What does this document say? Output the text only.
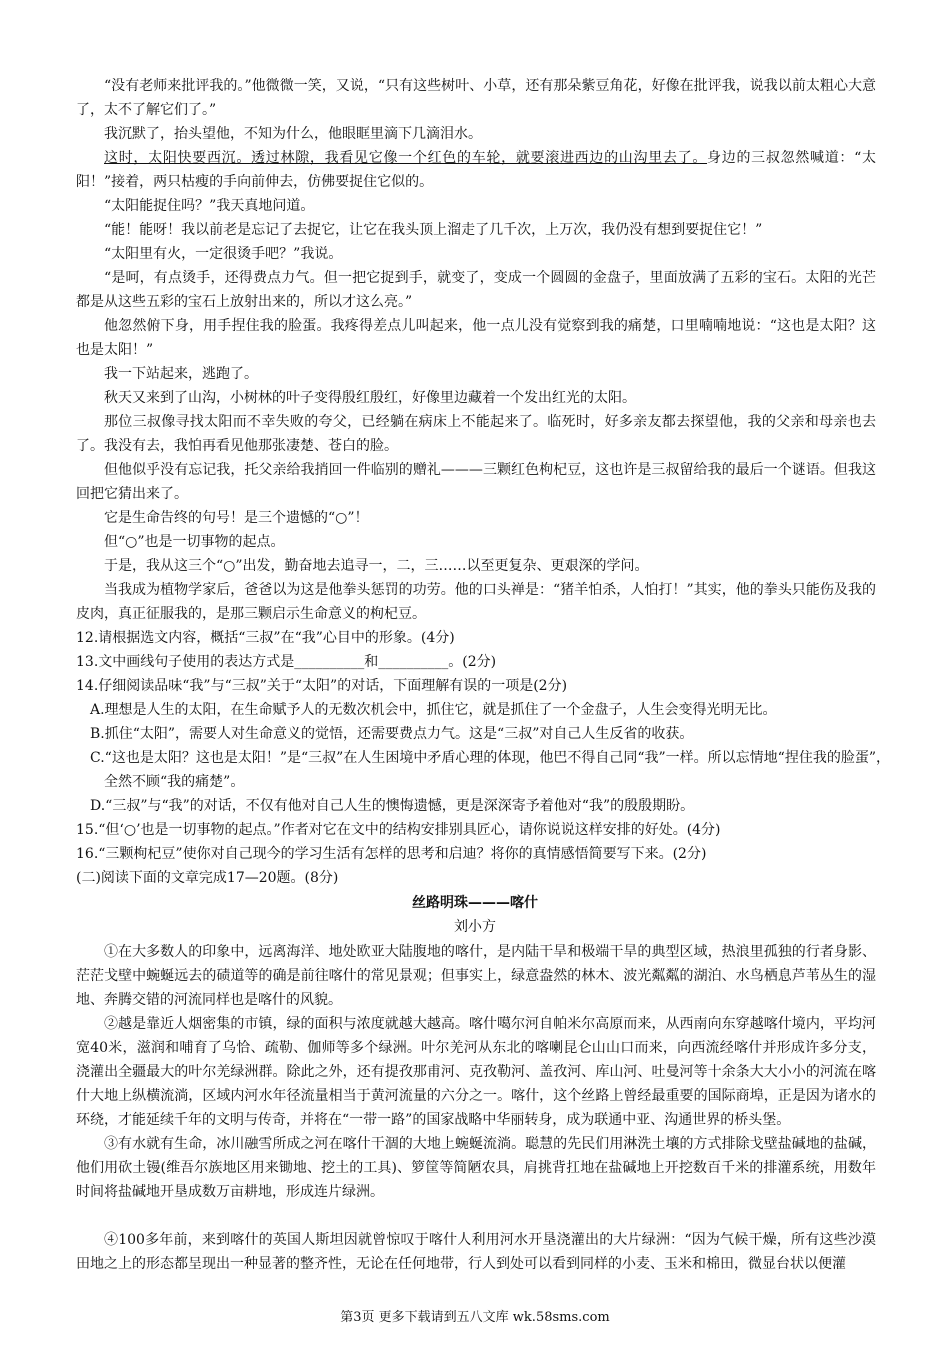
“没有老师来批评我的。”他微微一笑，又说，“只有这些树叶、小草，还有那朵紫豆角花，好像在批评我，说我以前太粗心大意了，太不了解它们了。”

我沉默了，抬头望他，不知为什么，他眼眶里滴下几滴泪水。

这时，太阳快要西沉。透过林隙，我看见它像一个红色的车轮，就要滚进西边的山沟里去了。身边的三叔忽然喊道：“太阳！”接着，两只枯瘦的手向前伸去，仿佛要捉住它似的。

“太阳能捉住吗？”我天真地问道。

“能！能呀！我以前老是忘记了去捉它，让它在我头顶上溜走了几千次，上万次，我仍没有想到要捉住它！”

“太阳里有火，一定很烫手吧？”我说。

“是呵，有点烫手，还得费点力气。但一把它捉到手，就变了，变成一个圆圆的金盘子，里面放满了五彩的宝石。太阳的光芒都是从这些五彩的宝石上放射出来的，所以才这么亮。”

他忽然俯下身，用手捏住我的脸蛋。我疼得差点儿叫起来，他一点儿没有觉察到我的痛楚，口里喃喃地说：“这也是太阳？这也是太阳！”

我一下站起来，逃跑了。

秋天又来到了山沟，小树林的叶子变得殷红殷红，好像里边藏着一个发出红光的太阳。

那位三叔像寻找太阳而不幸失败的夸父，已经躺在病床上不能起来了。临死时，好多亲友都去探望他，我的父亲和母亲也去了。我没有去，我怕再看见他那张凄楚、苍白的脸。

但他似乎没有忘记我，托父亲给我捎回一件临别的赠礼———三颗红色枸杞豆，这也许是三叔留给我的最后一个谜语。但我这回把它猜出来了。

它是生命告终的句号！是三个遗憾的“○”！

但“○”也是一切事物的起点。

于是，我从这三个“○”出发，勤奋地去追寻一，二，三……以至更复杂、更艰深的学问。

当我成为植物学家后，爸爸以为这是他拳头惩罚的功劳。他的口头禅是：“猪羊怕杀，人怕打！”其实，他的拳头只能伤及我的皮肉，真正征服我的，是那三颗启示生命意义的枸杞豆。

12.请根据选文内容，概括“三叔”在“我”心目中的形象。(4分)

13.文中画线句子使用的表达方式是__________和__________。(2分)

14.仔细阅读品味“我”与“三叔”关于“太阳”的对话，下面理解有误的一项是(2分)

A.理想是人生的太阳，在生命赋予人的无数次机会中，抓住它，就是抓住了一个金盘子，人生会变得光明无比。

B.抓住“太阳”，需要人对生命意义的觉悟，还需要费点力气。这是“三叔”对自己人生反省的收获。

C.“这也是太阳？这也是太阳！”是“三叔”在人生困境中矛盾心理的体现，他巴不得自己同“我”一样。所以忘情地“捏住我的脸蛋”，全然不顾“我的痛楚”。

D.“三叔”与“我”的对话，不仅有他对自己人生的懊悔遗憾，更是深深寄予着他对“我”的殷殷期盼。

15.“但‘○’也是一切事物的起点。”作者对它在文中的结构安排别具匠心，请你说说这样安排的好处。(4分)

16.“三颗枸杞豆”使你对自己现今的学习生活有怎样的思考和启迪？将你的真情感悟简要写下来。(2分)

(二)阅读下面的文章完成17—20题。(8分)

丝路明珠———喀什

刘小方

①在大多数人的印象中，远离海洋、地处欧亚大陆腹地的喀什，是内陆干旱和极端干旱的典型区域，热浪里孤独的行者身影、茫茫戈壁中蜿蜒远去的碛道等的确是前往喀什的常见景观；但事实上，绿意盎然的林木、波光粼粼的湖泊、水鸟栖息芦苇丛生的湿地、奔腾交错的河流同样也是喀什的风貌。

②越是靠近人烟密集的市镇，绿的面积与浓度就越大越高。喀什噶尔河自帕米尔高原而来，从西南向东穿越喀什境内，平均河宽40米，滋润和哺育了乌恰、疏勒、伽师等多个绿洲。叶尔羌河从东北的喀喇昆仑山山口而来，向西流经喀什并形成许多分支，浇灌出全疆最大的叶尔羌绿洲群。除此之外，还有提孜那甫河、克孜勒河、盖孜河、库山河、吐曼河等十余条大大小小的河流在喀什大地上纵横流淌，区域内河水年径流量相当于黄河流量的六分之一。喀什，这个丝路上曾经最重要的国际商埠，正是因为诸水的环绕，才能延续千年的文明与传奇，并将在“一带一路”的国家战略中华丽转身，成为联通中亚、沟通世界的桥头堡。

③有水就有生命，冰川融雪所成之河在喀什干涸的大地上蜿蜒流淌。聪慧的先民们用淋洗土壤的方式排除戈壁盐碱地的盐碱，他们用砍土镘(维吾尔族地区用来锄地、挖土的工具)、箩筐等简陋农具，肩挑背扛地在盐碱地上开挖数百千米的排灌系统，用数年时间将盐碱地开垦成数万亩耕地，形成连片绿洲。

④100多年前，来到喀什的英国人斯坦因就曾惊叹于喀什人利用河水开垦浇灌出的大片绿洲：“因为气候干燥，所有这些沙漠田地之上的形态都呈现出一种显著的整齐性，无论在任何地带，行人到处可以看到同样的小麦、玉米和棉田，微显台状以便灌

第3页 更多下载请到五八文库 wk.58sms.com
